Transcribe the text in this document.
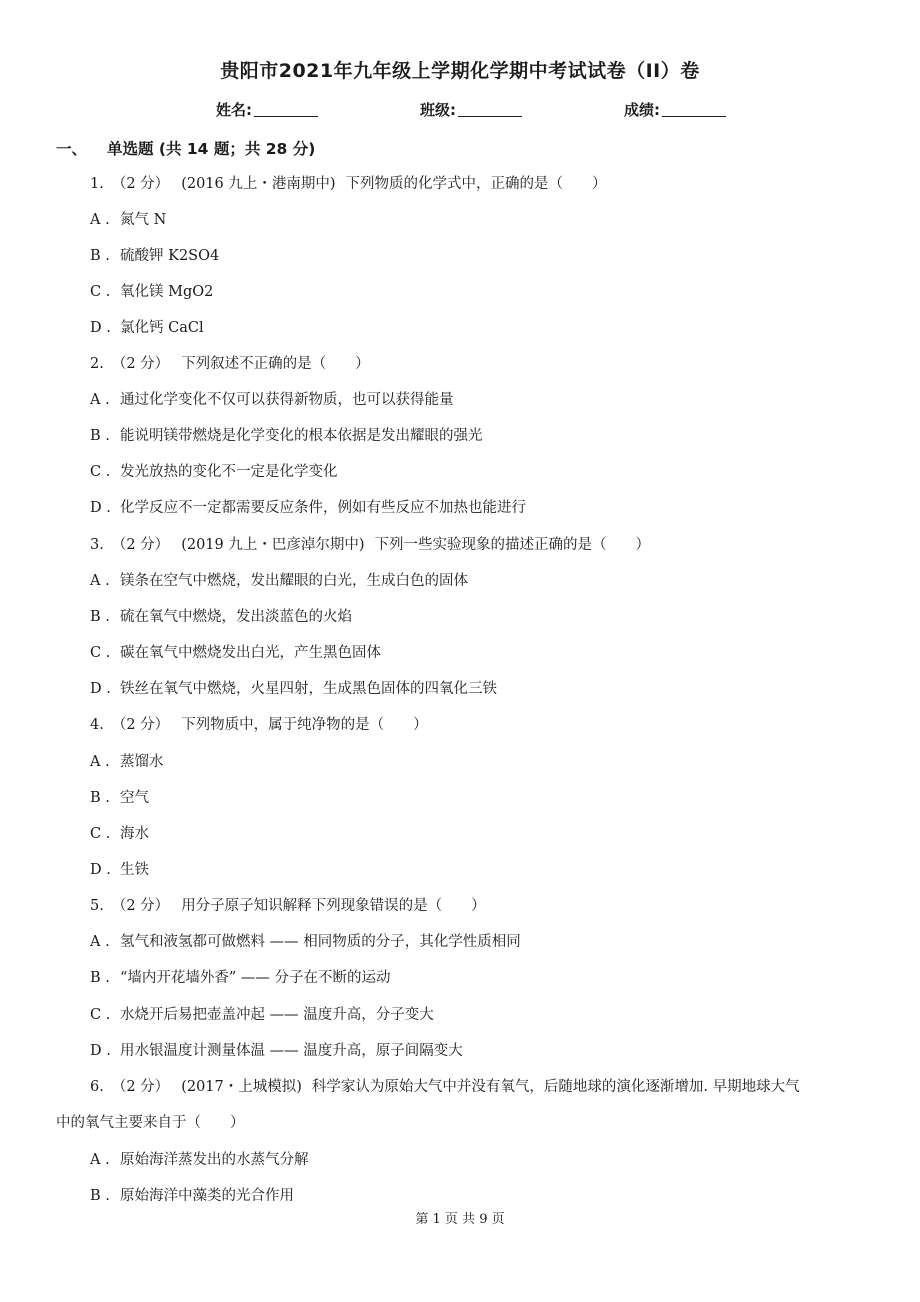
贵阳市2021年九年级上学期化学期中考试试卷（II）卷
姓名:	班级:	成绩:
一、 单选题 (共 14 题；共 28 分)
1. （2 分） (2016 九上・港南期中) 下列物质的化学式中，正确的是（　　）
A . 氮气 N
B . 硫酸钾 K2SO4
C . 氧化镁 MgO2
D . 氯化钙 CaCl
2. （2 分） 下列叙述不正确的是（　　）
A . 通过化学变化不仅可以获得新物质，也可以获得能量
B . 能说明镁带燃烧是化学变化的根本依据是发出耀眼的强光
C . 发光放热的变化不一定是化学变化
D . 化学反应不一定都需要反应条件，例如有些反应不加热也能进行
3. （2 分） (2019 九上・巴彦淖尔期中) 下列一些实验现象的描述正确的是（　　）
A . 镁条在空气中燃烧，发出耀眼的白光，生成白色的固体
B . 硫在氧气中燃烧，发出淡蓝色的火焰
C . 碳在氧气中燃烧发出白光，产生黑色固体
D . 铁丝在氧气中燃烧，火星四射，生成黑色固体的四氧化三铁
4. （2 分） 下列物质中，属于纯净物的是（　　）
A . 蒸馏水
B . 空气
C . 海水
D . 生铁
5. （2 分） 用分子原子知识解释下列现象错误的是（　　）
A . 氢气和液氢都可做燃料 —— 相同物质的分子，其化学性质相同
B . “墙内开花墙外香” —— 分子在不断的运动
C . 水烧开后易把壶盖冲起 —— 温度升高，分子变大
D . 用水银温度计测量体温 —— 温度升高，原子间隔变大
6. （2 分） (2017・上城模拟) 科学家认为原始大气中并没有氧气，后随地球的演化逐渐增加. 早期地球大气
中的氧气主要来自于（　　）
A . 原始海洋蒸发出的水蒸气分解
B . 原始海洋中藻类的光合作用
第 1 页 共 9 页
